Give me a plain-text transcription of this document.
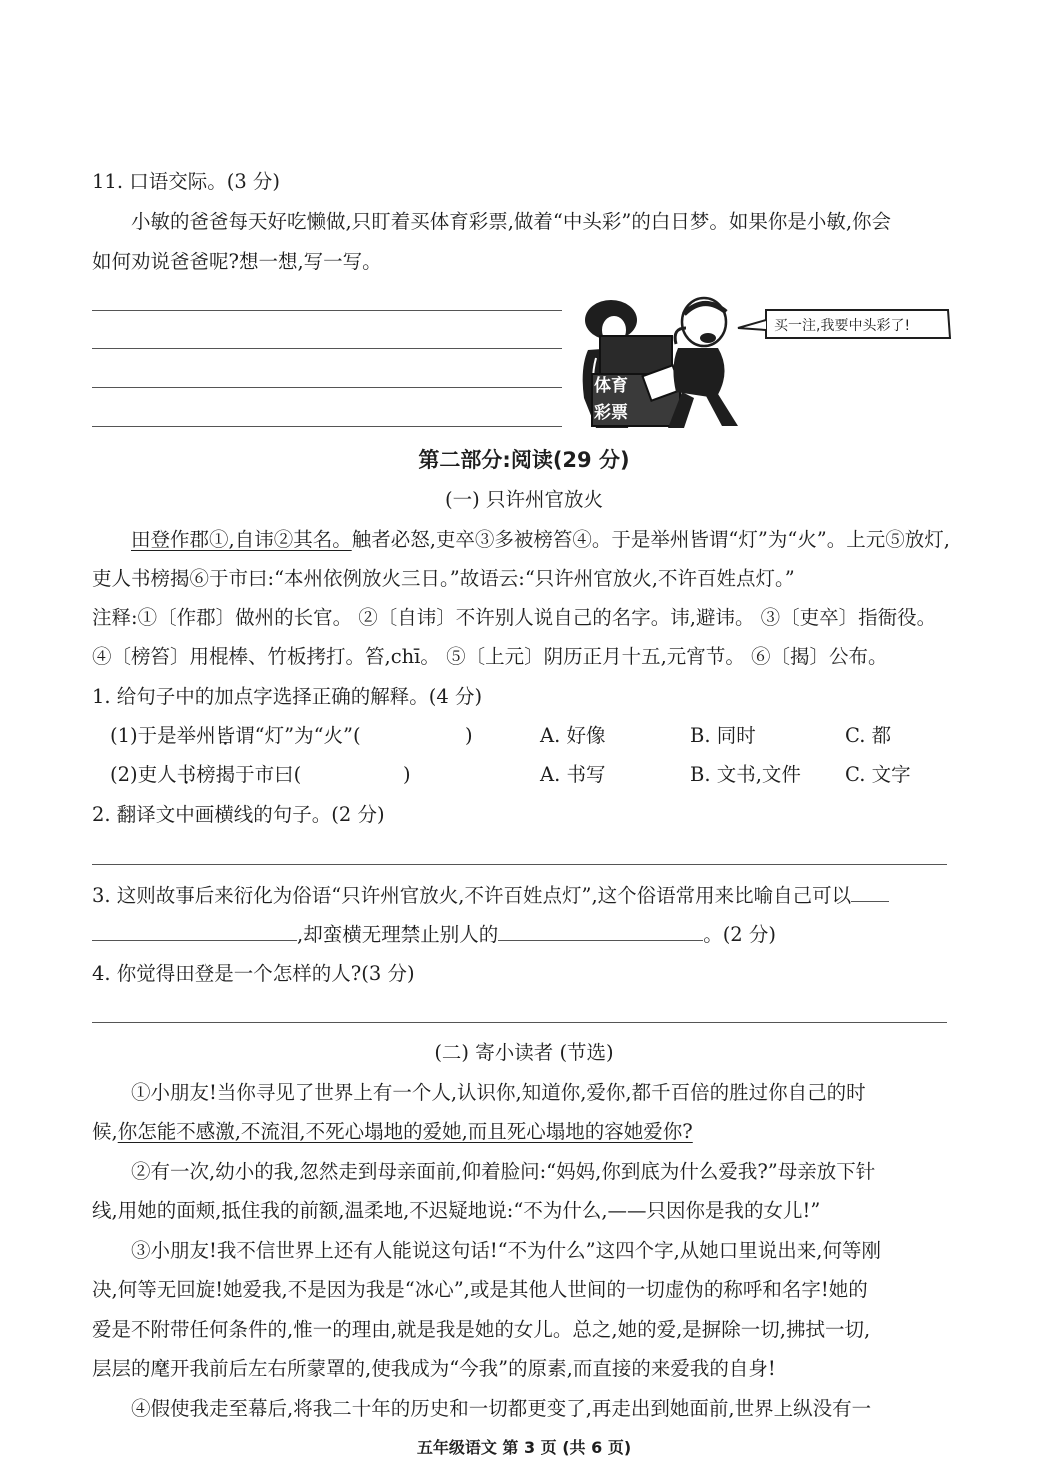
11. 口语交际。(3 分)
小敏的爸爸每天好吃懒做,只盯着买体育彩票,做着“中头彩”的白日梦。如果你是小敏,你会
如何劝说爸爸呢?想一想,写一写。
体育
彩票
买一注,我要中头彩了!
第二部分:阅读(29 分)
(一) 只许州官放火
田登作郡①,自讳②其名。触者必怒,吏卒③多被榜笞④。于是举州皆谓“灯”为“火”。上元⑤放灯,
吏人书榜揭⑥于市曰:“本州依例放火三日。”故语云:“只许州官放火,不许百姓点灯。”
注释:①〔作郡〕做州的长官。 ②〔自讳〕不许别人说自己的名字。讳,避讳。 ③〔吏卒〕指衙役。
④〔榜笞〕用棍棒、竹板拷打。笞,chī。 ⑤〔上元〕阴历正月十五,元宵节。 ⑥〔揭〕公布。
1. 给句子中的加点字选择正确的解释。(4 分)
(1)于是举州皆谓“灯”为“火”(	)	A. 好像	B. 同时	C. 都
(2)吏人书榜揭于市曰(	)	A. 书写	B. 文书,文件 C. 文字
2. 翻译文中画横线的句子。(2 分)
3. 这则故事后来衍化为俗语“只许州官放火,不许百姓点灯”,这个俗语常用来比喻自己可以
,却蛮横无理禁止别人的	。(2 分)
4. 你觉得田登是一个怎样的人?(3 分)
(二) 寄小读者 (节选)
①小朋友!当你寻见了世界上有一个人,认识你,知道你,爱你,都千百倍的胜过你自己的时
候,你怎能不感激,不流泪,不死心塌地的爱她,而且死心塌地的容她爱你?
②有一次,幼小的我,忽然走到母亲面前,仰着脸问:“妈妈,你到底为什么爱我?”母亲放下针
线,用她的面颊,抵住我的前额,温柔地,不迟疑地说:“不为什么,——只因你是我的女儿!”
③小朋友!我不信世界上还有人能说这句话!“不为什么”这四个字,从她口里说出来,何等刚
决,何等无回旋!她爱我,不是因为我是“冰心”,或是其他人世间的一切虚伪的称呼和名字!她的
爱是不附带任何条件的,惟一的理由,就是我是她的女儿。总之,她的爱,是摒除一切,拂拭一切,
层层的麾开我前后左右所蒙罩的,使我成为“今我”的原素,而直接的来爱我的自身!
④假使我走至幕后,将我二十年的历史和一切都更变了,再走出到她面前,世界上纵没有一
五年级语文 第 3 页 (共 6 页)
